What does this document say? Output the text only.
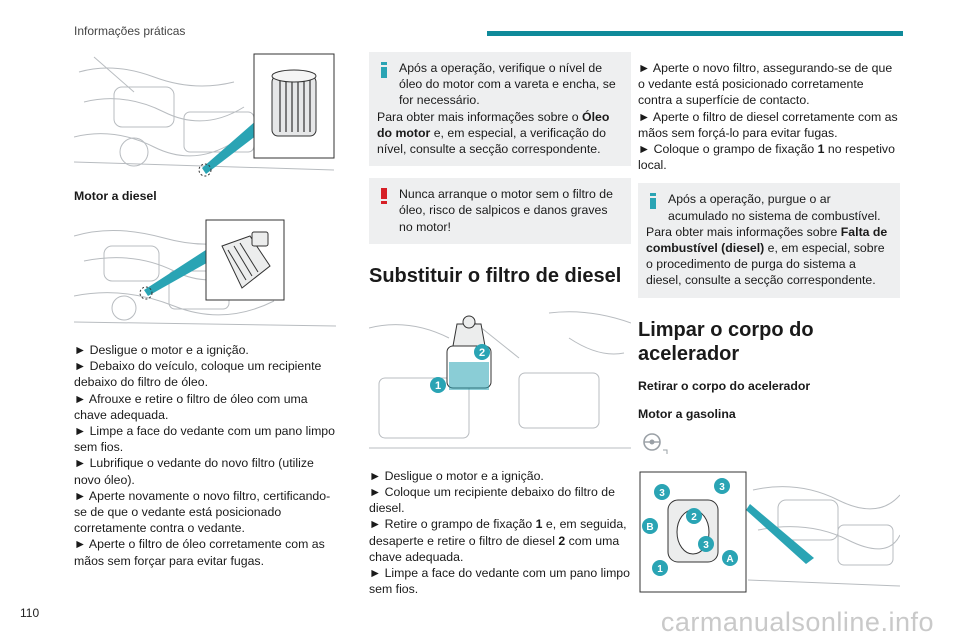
Informações práticas
Motor a diesel
► Desligue o motor e a ignição.
► Debaixo do veículo, coloque um recipiente debaixo do filtro de óleo.
► Afrouxe e retire o filtro de óleo com uma chave adequada.
► Limpe a face do vedante com um pano limpo sem fios.
► Lubrifique o vedante do novo filtro (utilize novo óleo).
► Aperte novamente o novo filtro, certificando-se de que o vedante está posicionado corretamente contra o vedante.
► Aperte o filtro de óleo corretamente com as mãos sem forçar para evitar fugas.
Após a operação, verifique o nível de óleo do motor com a vareta e encha, se for necessário.
Para obter mais informações sobre o Óleo do motor e, em especial, a verificação do nível, consulte a secção correspondente.
Nunca arranque o motor sem o filtro de óleo, risco de salpicos e danos graves no motor!
Substituir o filtro de diesel
2
1
► Desligue o motor e a ignição.
► Coloque um recipiente debaixo do filtro de diesel.
► Retire o grampo de fixação 1 e, em seguida, desaperte e retire o filtro de diesel 2 com uma chave adequada.
► Limpe a face do vedante com um pano limpo sem fios.
► Aperte o novo filtro, assegurando-se de que o vedante está posicionado corretamente contra a superfície de contacto.
► Aperte o filtro de diesel corretamente com as mãos sem forçá-lo para evitar fugas.
► Coloque o grampo de fixação 1 no respetivo local.
Após a operação, purgue o ar acumulado no sistema de combustível.
Para obter mais informações sobre Falta de combustível (diesel) e, em especial, sobre o procedimento de purga do sistema a diesel, consulte a secção correspondente.
Limpar o corpo do acelerador
Retirar o corpo do acelerador
Motor a gasolina
3
3
2
B
3
A
1
110	carmanualsonline.info
